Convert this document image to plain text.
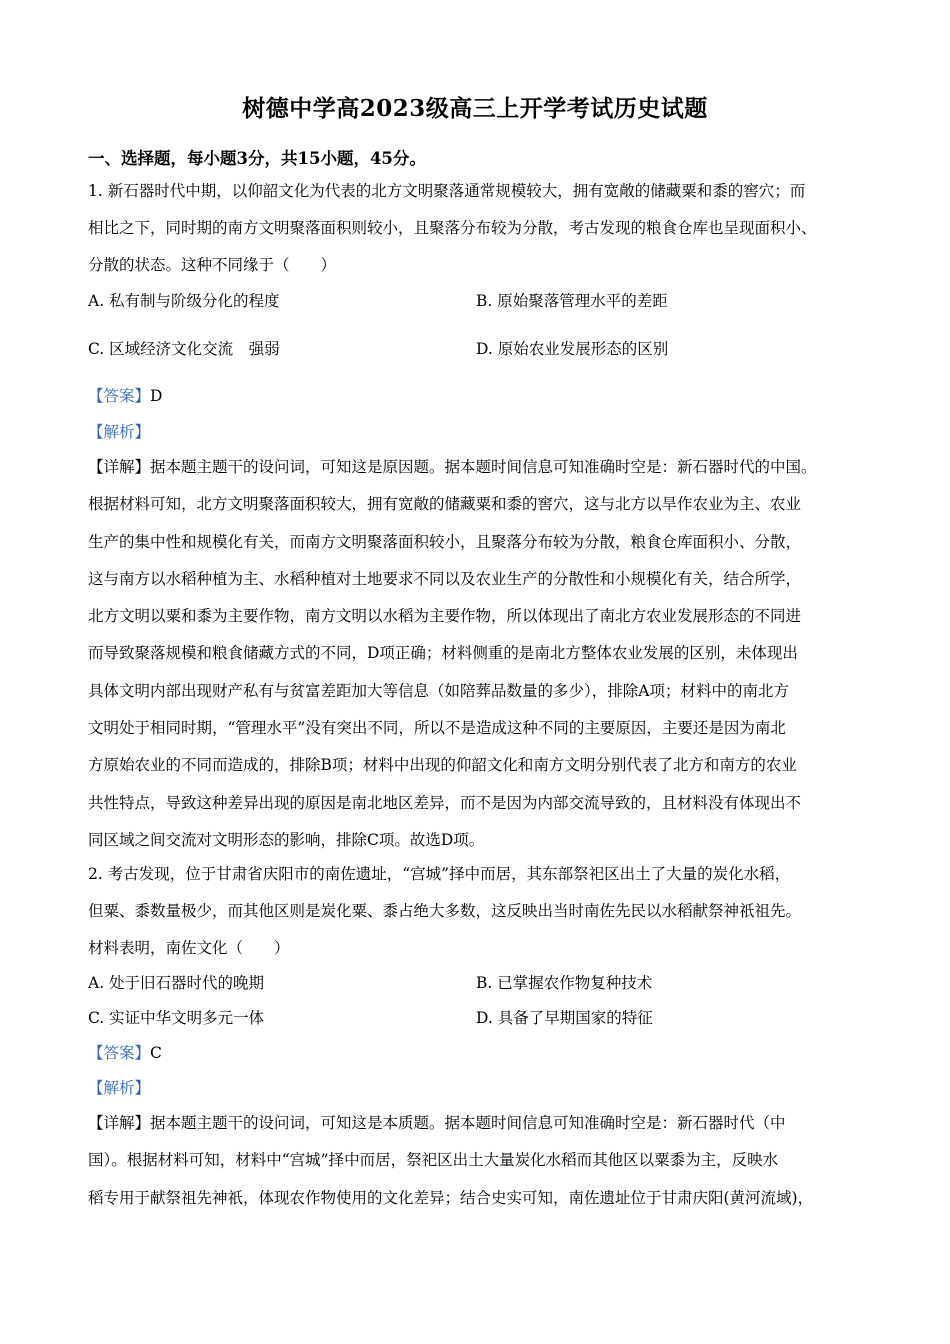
树德中学高2023级高三上开学考试历史试题
一、选择题，每小题3分，共15小题，45分。
1. 新石器时代中期，以仰韶文化为代表的北方文明聚落通常规模较大，拥有宽敞的储藏粟和黍的窖穴；而
相比之下，同时期的南方文明聚落面积则较小，且聚落分布较为分散，考古发现的粮食仓库也呈现面积小、
分散的状态。这种不同缘于（　　）
A. 私有制与阶级分化的程度	B. 原始聚落管理水平的差距
C. 区域经济文化交流　强弱	D. 原始农业发展形态的区别
【答案】D
【解析】
【详解】据本题主题干的设问词，可知这是原因题。据本题时间信息可知准确时空是：新石器时代的中国。
根据材料可知，北方文明聚落面积较大，拥有宽敞的储藏粟和黍的窖穴，这与北方以旱作农业为主、农业
生产的集中性和规模化有关，而南方文明聚落面积较小，且聚落分布较为分散，粮食仓库面积小、分散，
这与南方以水稻种植为主、水稻种植对土地要求不同以及农业生产的分散性和小规模化有关，结合所学，
北方文明以粟和黍为主要作物，南方文明以水稻为主要作物，所以体现出了南北方农业发展形态的不同进
而导致聚落规模和粮食储藏方式的不同，D项正确；材料侧重的是南北方整体农业发展的区别，未体现出
具体文明内部出现财产私有与贫富差距加大等信息（如陪葬品数量的多少），排除A项；材料中的南北方
文明处于相同时期，“管理水平”没有突出不同，所以不是造成这种不同的主要原因，主要还是因为南北
方原始农业的不同而造成的，排除B项；材料中出现的仰韶文化和南方文明分别代表了北方和南方的农业
共性特点，导致这种差异出现的原因是南北地区差异，而不是因为内部交流导致的，且材料没有体现出不
同区域之间交流对文明形态的影响，排除C项。故选D项。
2. 考古发现，位于甘肃省庆阳市的南佐遗址，“宫城”择中而居，其东部祭祀区出土了大量的炭化水稻，
但粟、黍数量极少，而其他区则是炭化粟、黍占绝大多数，这反映出当时南佐先民以水稻献祭神祇祖先。
材料表明，南佐文化（　　）
A. 处于旧石器时代的晚期	B. 已掌握农作物复种技术
C. 实证中华文明多元一体	D. 具备了早期国家的特征
【答案】C
【解析】
【详解】据本题主题干的设问词，可知这是本质题。据本题时间信息可知准确时空是：新石器时代（中
国）。根据材料可知，材料中“宫城”择中而居，祭祀区出土大量炭化水稻而其他区以粟黍为主，反映水
稻专用于献祭祖先神祇，体现农作物使用的文化差异；结合史实可知，南佐遗址位于甘肃庆阳(黄河流域)，
